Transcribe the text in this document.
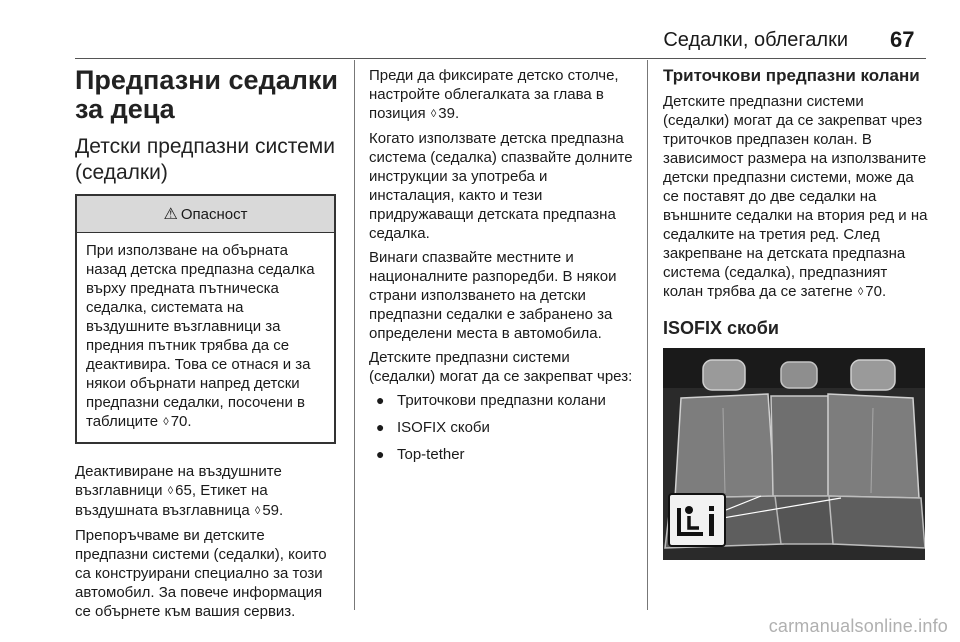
Седалки, облегалки 67
Предпазни седалки за деца
Детски предпазни системи (седалки)
⚠ Опасност
При използване на обърната назад детска предпазна седалка върху предната пътническа седалка, системата на въздушните възглавници за предния пътник трябва да се деактивира. Това се отнася и за някои обърнати напред детски предпазни седалки, посочени в таблиците ◊ 70.

Деактивиране на въздушните възглавници ◊ 65, Етикет на въздушната възглавница ◊ 59.

Препоръчваме ви детските предпазни системи (седалки), които са конструирани специално за този автомобил. За повече информация се обърнете към вашия сервиз.

Преди да фиксирате детско столче, настройте облегалката за глава в позиция ◊ 39.

Когато използвате детска предпазна система (седалка) спазвайте долните инструкции за употреба и инсталация, както и тези придружаващи детската предпазна седалка.

Винаги спазвайте местните и националните разпоредби. В някои страни използването на детски предпазни седалки е забранено за определени места в автомобила.

Детските предпазни системи (седалки) могат да се закрепват чрез:

● Триточкови предпазни колани
● ISOFIX скоби
● Top-tether
Триточкови предпазни колани

Детските предпазни системи (седалки) могат да се закрепват чрез триточков предпазен колан. В зависимост размера на използваните детски предпазни системи, може да се поставят до две седалки на външните седалки на втория ред и на седалките на третия ред. След закрепване на детската предпазна система (седалка), предпазният колан трябва да се затегне ◊ 70.

ISOFIX скоби
carmanualsonline.info
